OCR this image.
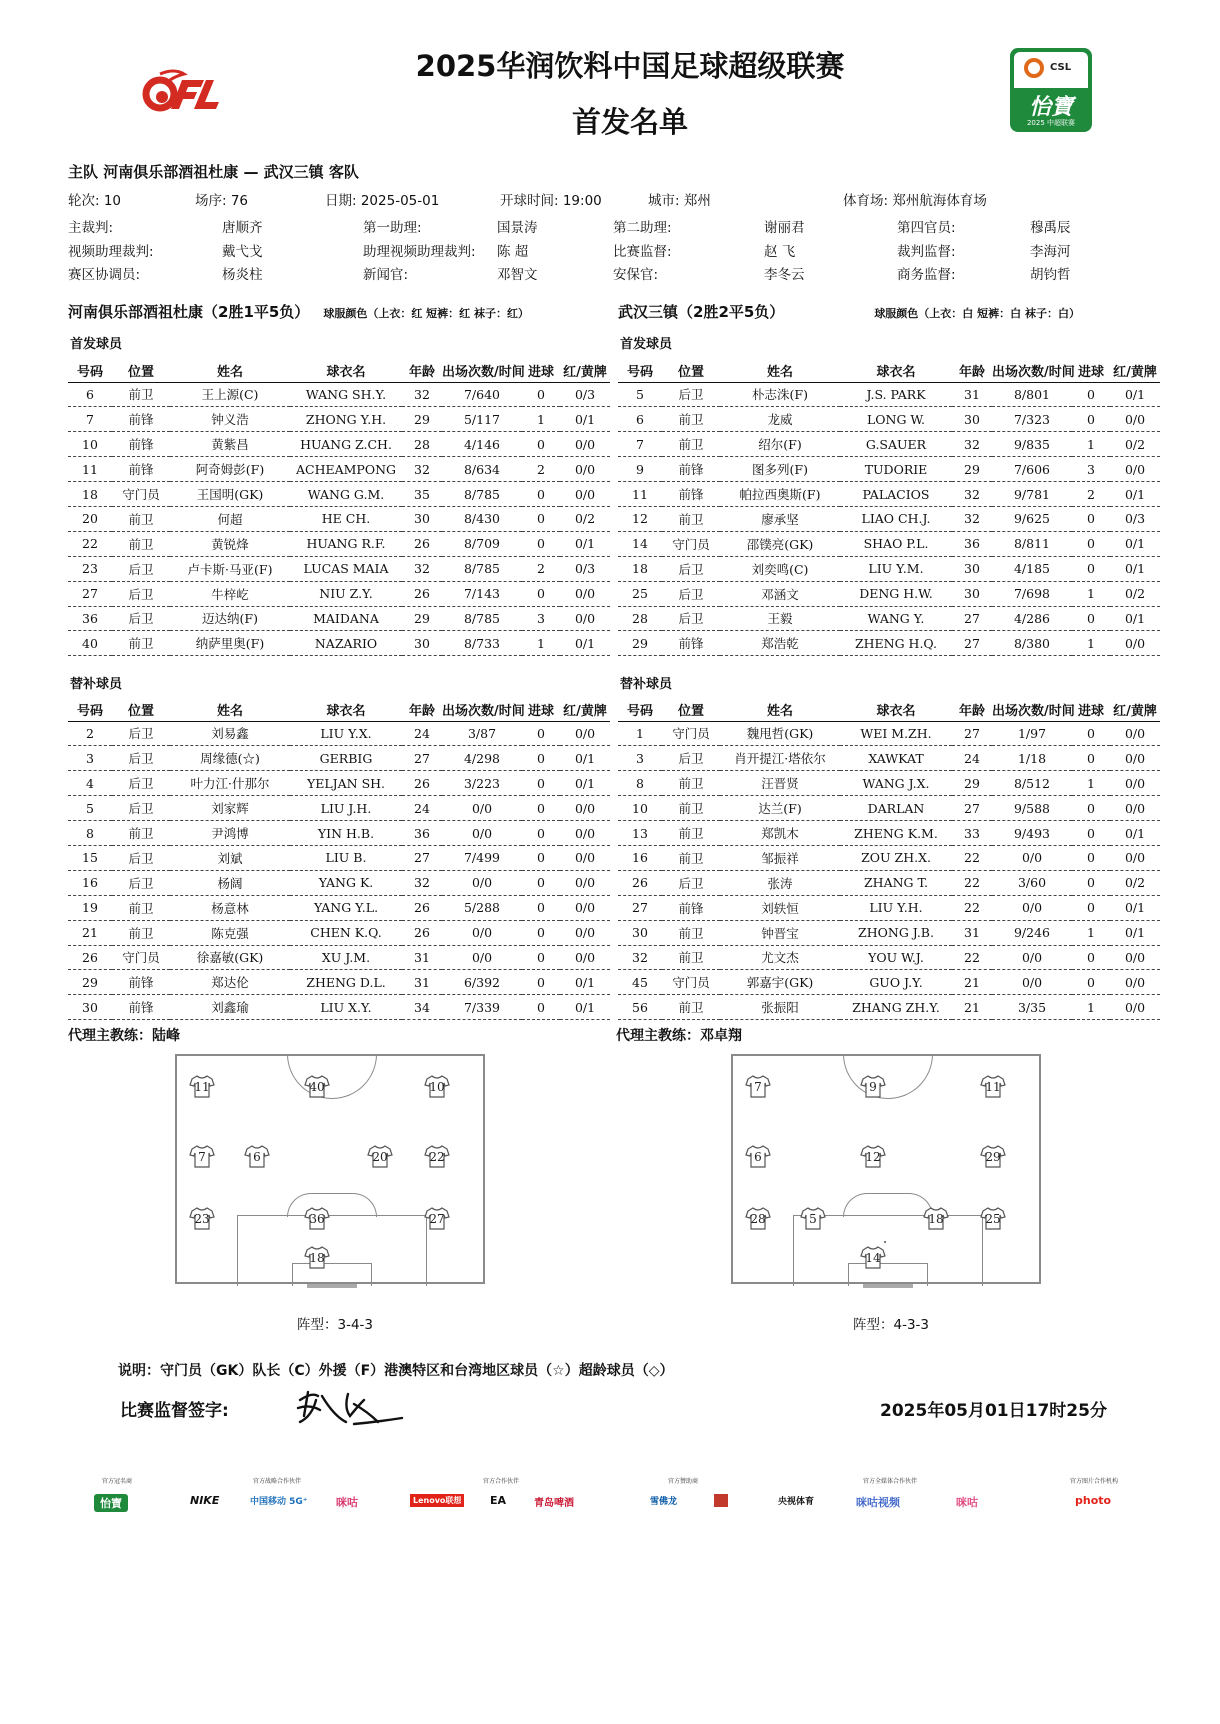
2025华润饮料中国足球超级联赛
首发名单
CSL
怡寶
2025 中超联赛
主队 河南俱乐部酒祖杜康 — 武汉三镇 客队
轮次: 10	场序: 76	日期: 2025-05-01	开球时间: 19:00	城市: 郑州	体育场: 郑州航海体育场
主裁判:	唐顺齐	第一助理:	国景涛	第二助理:	谢丽君	第四官员:	穆禹辰
视频助理裁判:	戴弋戈	助理视频助理裁判: 陈 超	比赛监督:	赵 飞	裁判监督:	李海河
赛区协调员:	杨炎柱	新闻官:	邓智文	安保官:	李冬云	商务监督:	胡钧哲
河南俱乐部酒祖杜康（2胜1平5负） 球服颜色（上衣：红 短裤：红 袜子：红）	武汉三镇（2胜2平5负）	球服颜色（上衣：白 短裤：白 袜子：白）
首发球员	首发球员
号码	位置	姓名	球衣名	年龄	出场次数/时间	进球	红/黄牌
6	前卫	王上源(C)	WANG SH.Y.	32	7/640	0	0/3
7	前锋	钟义浩	ZHONG Y.H.	29	5/117	1	0/1
10	前锋	黄紫昌	HUANG Z.CH.	28	4/146	0	0/0
11	前锋	阿奇姆彭(F)	ACHEAMPONG	32	8/634	2	0/0
18	守门员	王国明(GK)	WANG G.M.	35	8/785	0	0/0
20	前卫	何超	HE CH.	30	8/430	0	0/2
22	前卫	黄锐烽	HUANG R.F.	26	8/709	0	0/1
23	后卫	卢卡斯·马亚(F)	LUCAS MAIA	32	8/785	2	0/3
27	后卫	牛梓屹	NIU Z.Y.	26	7/143	0	0/0
36	后卫	迈达纳(F)	MAIDANA	29	8/785	3	0/0
40	前卫	纳萨里奥(F)	NAZARIO	30	8/733	1	0/1
号码	位置	姓名	球衣名	年龄	出场次数/时间	进球	红/黄牌
5	后卫	朴志洙(F)	J.S. PARK	31	8/801	0	0/1
6	前卫	龙威	LONG W.	30	7/323	0	0/0
7	前卫	绍尔(F)	G.SAUER	32	9/835	1	0/2
9	前锋	图多列(F)	TUDORIE	29	7/606	3	0/0
11	前锋	帕拉西奥斯(F)	PALACIOS	32	9/781	2	0/1
12	前卫	廖承坚	LIAO CH.J.	32	9/625	0	0/3
14	守门员	邵镤亮(GK)	SHAO P.L.	36	8/811	0	0/1
18	后卫	刘奕鸣(C)	LIU Y.M.	30	4/185	0	0/1
25	后卫	邓涵文	DENG H.W.	30	7/698	1	0/2
28	后卫	王毅	WANG Y.	27	4/286	0	0/1
29	前锋	郑浩乾	ZHENG H.Q.	27	8/380	1	0/0
替补球员	替补球员
号码	位置	姓名	球衣名	年龄	出场次数/时间	进球	红/黄牌
2	后卫	刘易鑫	LIU Y.X.	24	3/87	0	0/0
3	后卫	周缘德(☆)	GERBIG	27	4/298	0	0/1
4	后卫	叶力江·什那尔	YELJAN SH.	26	3/223	0	0/1
5	后卫	刘家辉	LIU J.H.	24	0/0	0	0/0
8	前卫	尹鸿博	YIN H.B.	36	0/0	0	0/0
15	后卫	刘斌	LIU B.	27	7/499	0	0/0
16	后卫	杨阔	YANG K.	32	0/0	0	0/0
19	前卫	杨意林	YANG Y.L.	26	5/288	0	0/0
21	前卫	陈克强	CHEN K.Q.	26	0/0	0	0/0
26	守门员	徐嘉敏(GK)	XU J.M.	31	0/0	0	0/0
29	前锋	郑达伦	ZHENG D.L.	31	6/392	0	0/1
30	前锋	刘鑫瑜	LIU X.Y.	34	7/339	0	0/1
号码	位置	姓名	球衣名	年龄	出场次数/时间	进球	红/黄牌
1	守门员	魏甩哲(GK)	WEI M.ZH.	27	1/97	0	0/0
3	后卫	肖开提江·塔依尔	XAWKAT	24	1/18	0	0/0
8	前卫	汪晋贤	WANG J.X.	29	8/512	1	0/0
10	前卫	达兰(F)	DARLAN	27	9/588	0	0/0
13	前卫	郑凯木	ZHENG K.M.	33	9/493	0	0/1
16	前卫	邹振祥	ZOU ZH.X.	22	0/0	0	0/0
26	后卫	张涛	ZHANG T.	22	3/60	0	0/2
27	前锋	刘轶恒	LIU Y.H.	22	0/0	0	0/1
30	前卫	钟晋宝	ZHONG J.B.	31	9/246	1	0/1
32	前卫	尤文杰	YOU W.J.	22	0/0	0	0/0
45	守门员	郭嘉宇(GK)	GUO J.Y.	21	0/0	0	0/0
56	前卫	张振阳	ZHANG ZH.Y.	21	3/35	1	0/0
代理主教练：陆峰	代理主教练：邓卓翔
11	40	10
7	6	20	22
23	36	27
18
7	9	11
6	12	29
28	5	18	25
14
阵型：3-4-3	阵型：4-3-3
说明：守门员（GK）队长（C）外援（F）港澳特区和台湾地区球员（☆）超龄球员（◇）
比赛监督签字:	2025年05月01日17时25分
官方冠名商	官方战略合作伙伴	官方合作伙伴	官方赞助商	官方全媒体合作伙伴	官方图片合作机构
怡寶	NIKE	中国移动 5G⁺	咪咕	Lenovo联想	EA	青岛啤酒	雪佛龙	央视体育	咪咕视频	咪咕	photo
